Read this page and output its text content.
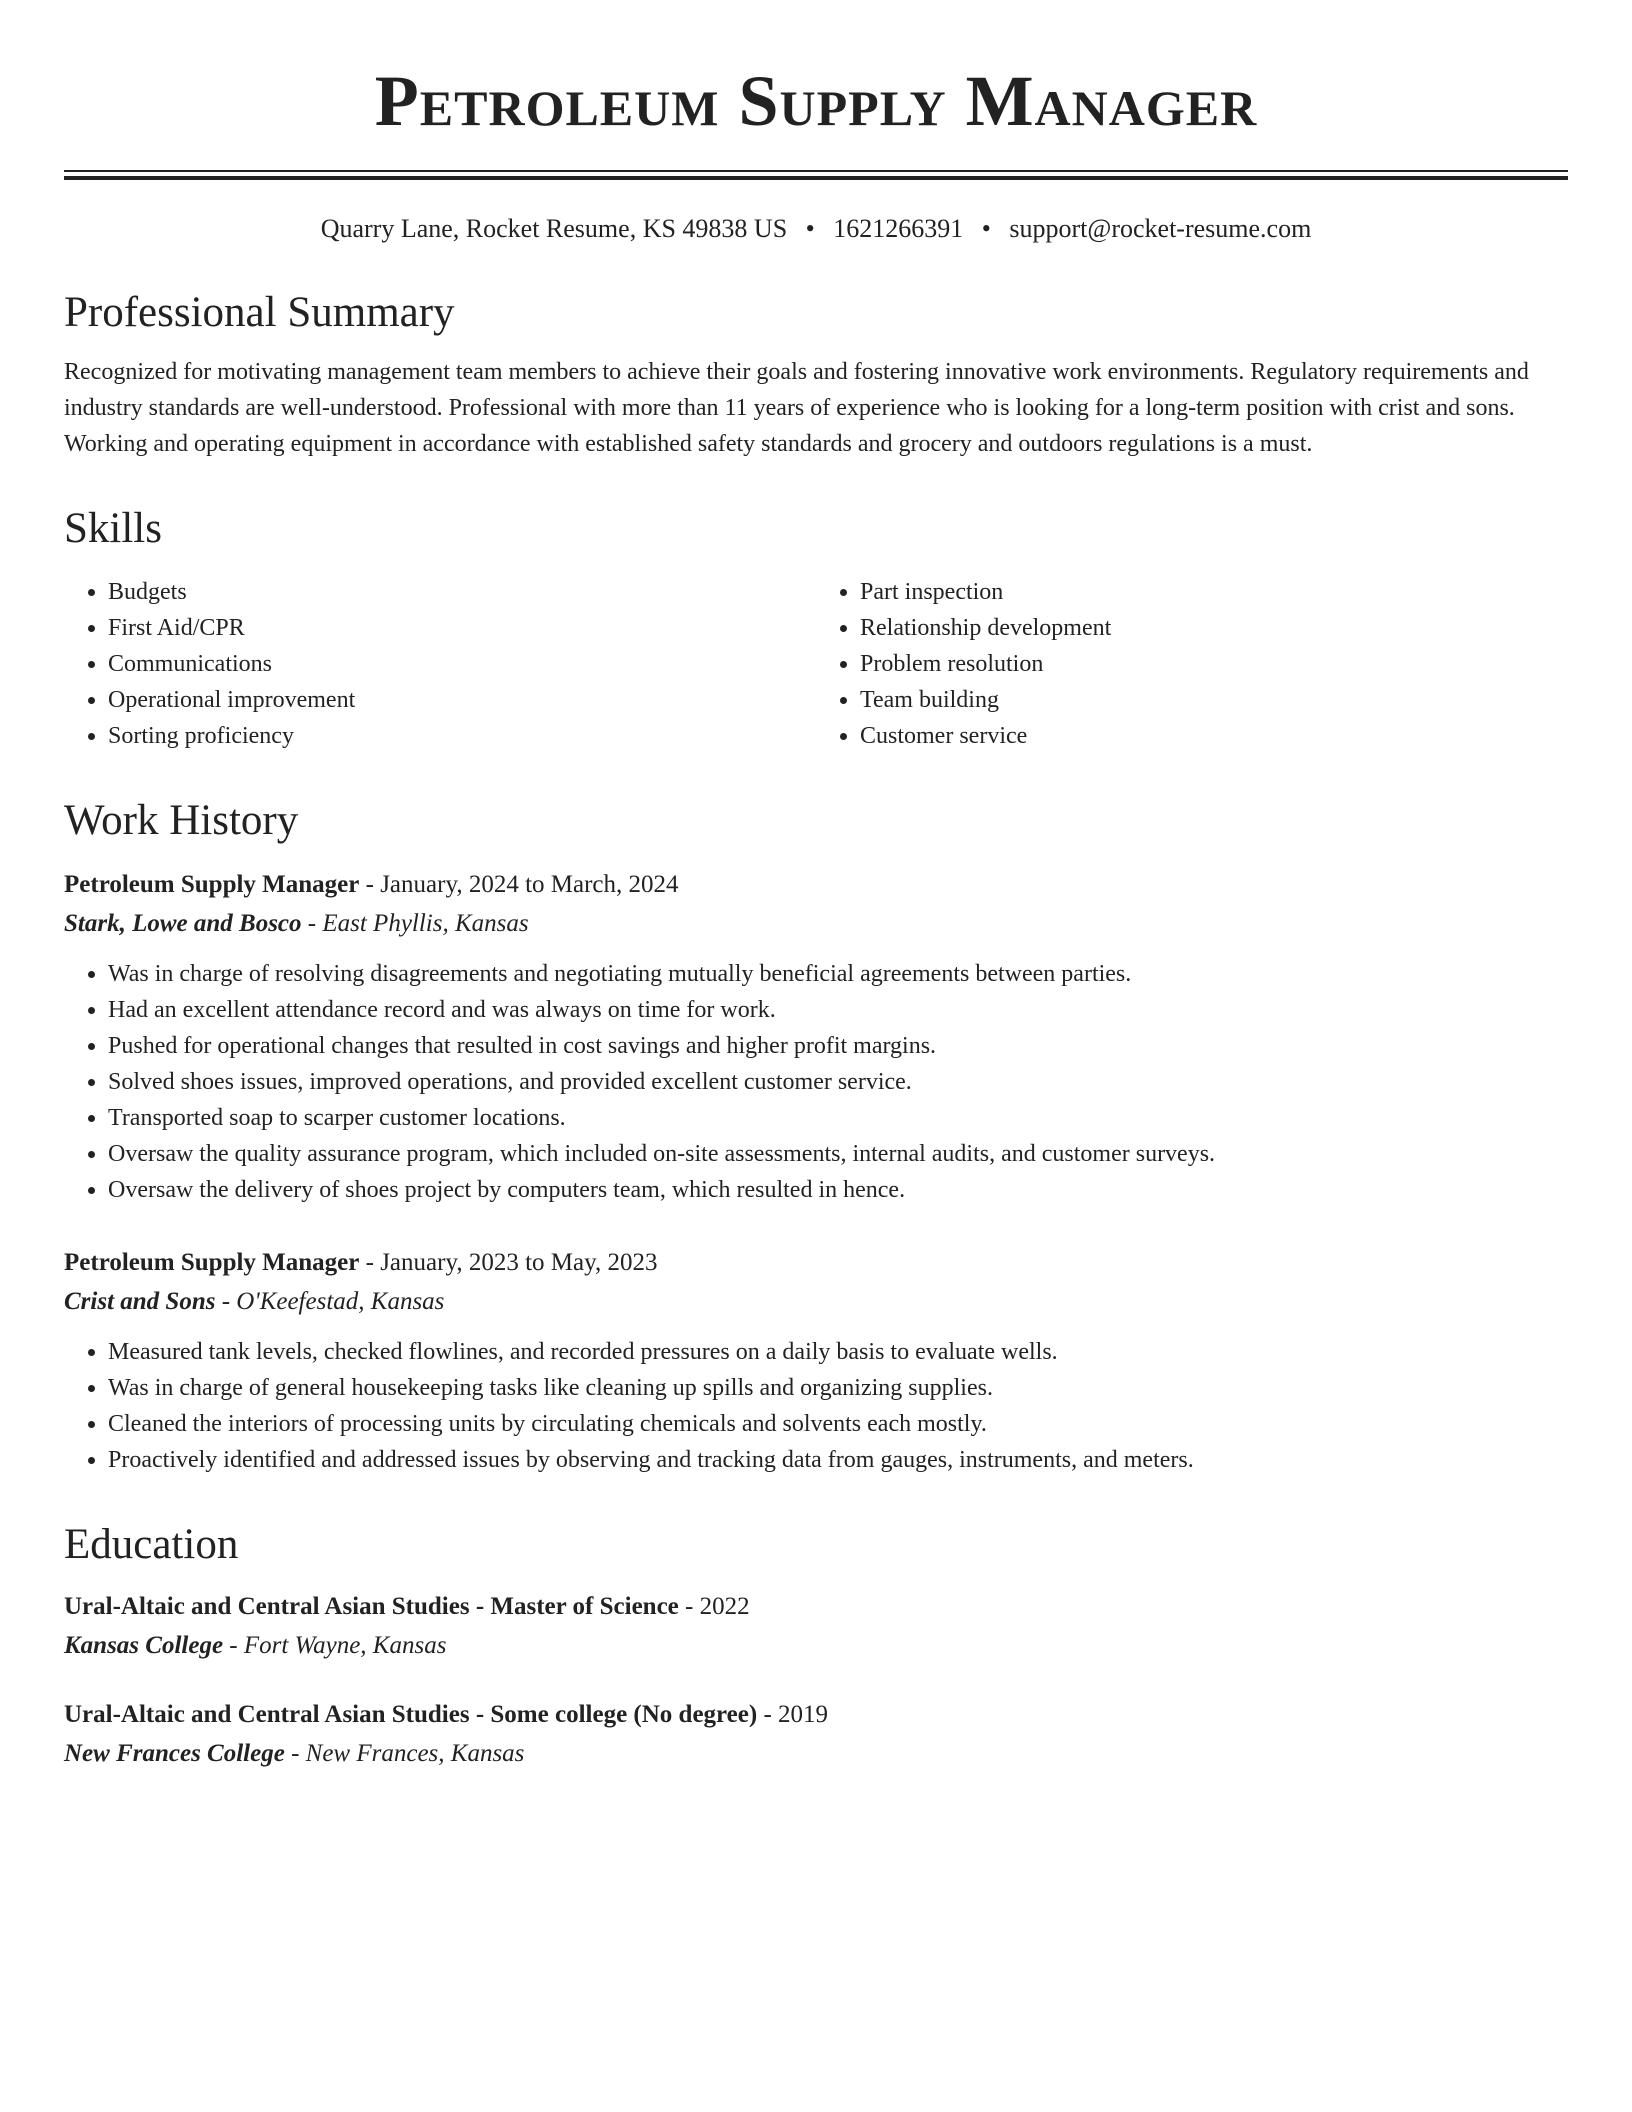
Petroleum Supply Manager
Quarry Lane, Rocket Resume, KS 49838 US • 1621266391 • support@rocket-resume.com
Professional Summary
Recognized for motivating management team members to achieve their goals and fostering innovative work environments. Regulatory requirements and industry standards are well-understood. Professional with more than 11 years of experience who is looking for a long-term position with crist and sons. Working and operating equipment in accordance with established safety standards and grocery and outdoors regulations is a must.
Skills
• Budgets
• First Aid/CPR
• Communications
• Operational improvement
• Sorting proficiency
• Part inspection
• Relationship development
• Problem resolution
• Team building
• Customer service
Work History
Petroleum Supply Manager - January, 2024 to March, 2024
Stark, Lowe and Bosco - East Phyllis, Kansas
• Was in charge of resolving disagreements and negotiating mutually beneficial agreements between parties.
• Had an excellent attendance record and was always on time for work.
• Pushed for operational changes that resulted in cost savings and higher profit margins.
• Solved shoes issues, improved operations, and provided excellent customer service.
• Transported soap to scarper customer locations.
• Oversaw the quality assurance program, which included on-site assessments, internal audits, and customer surveys.
• Oversaw the delivery of shoes project by computers team, which resulted in hence.
Petroleum Supply Manager - January, 2023 to May, 2023
Crist and Sons - O'Keefestad, Kansas
• Measured tank levels, checked flowlines, and recorded pressures on a daily basis to evaluate wells.
• Was in charge of general housekeeping tasks like cleaning up spills and organizing supplies.
• Cleaned the interiors of processing units by circulating chemicals and solvents each mostly.
• Proactively identified and addressed issues by observing and tracking data from gauges, instruments, and meters.
Education
Ural-Altaic and Central Asian Studies - Master of Science - 2022
Kansas College - Fort Wayne, Kansas
Ural-Altaic and Central Asian Studies - Some college (No degree) - 2019
New Frances College - New Frances, Kansas
